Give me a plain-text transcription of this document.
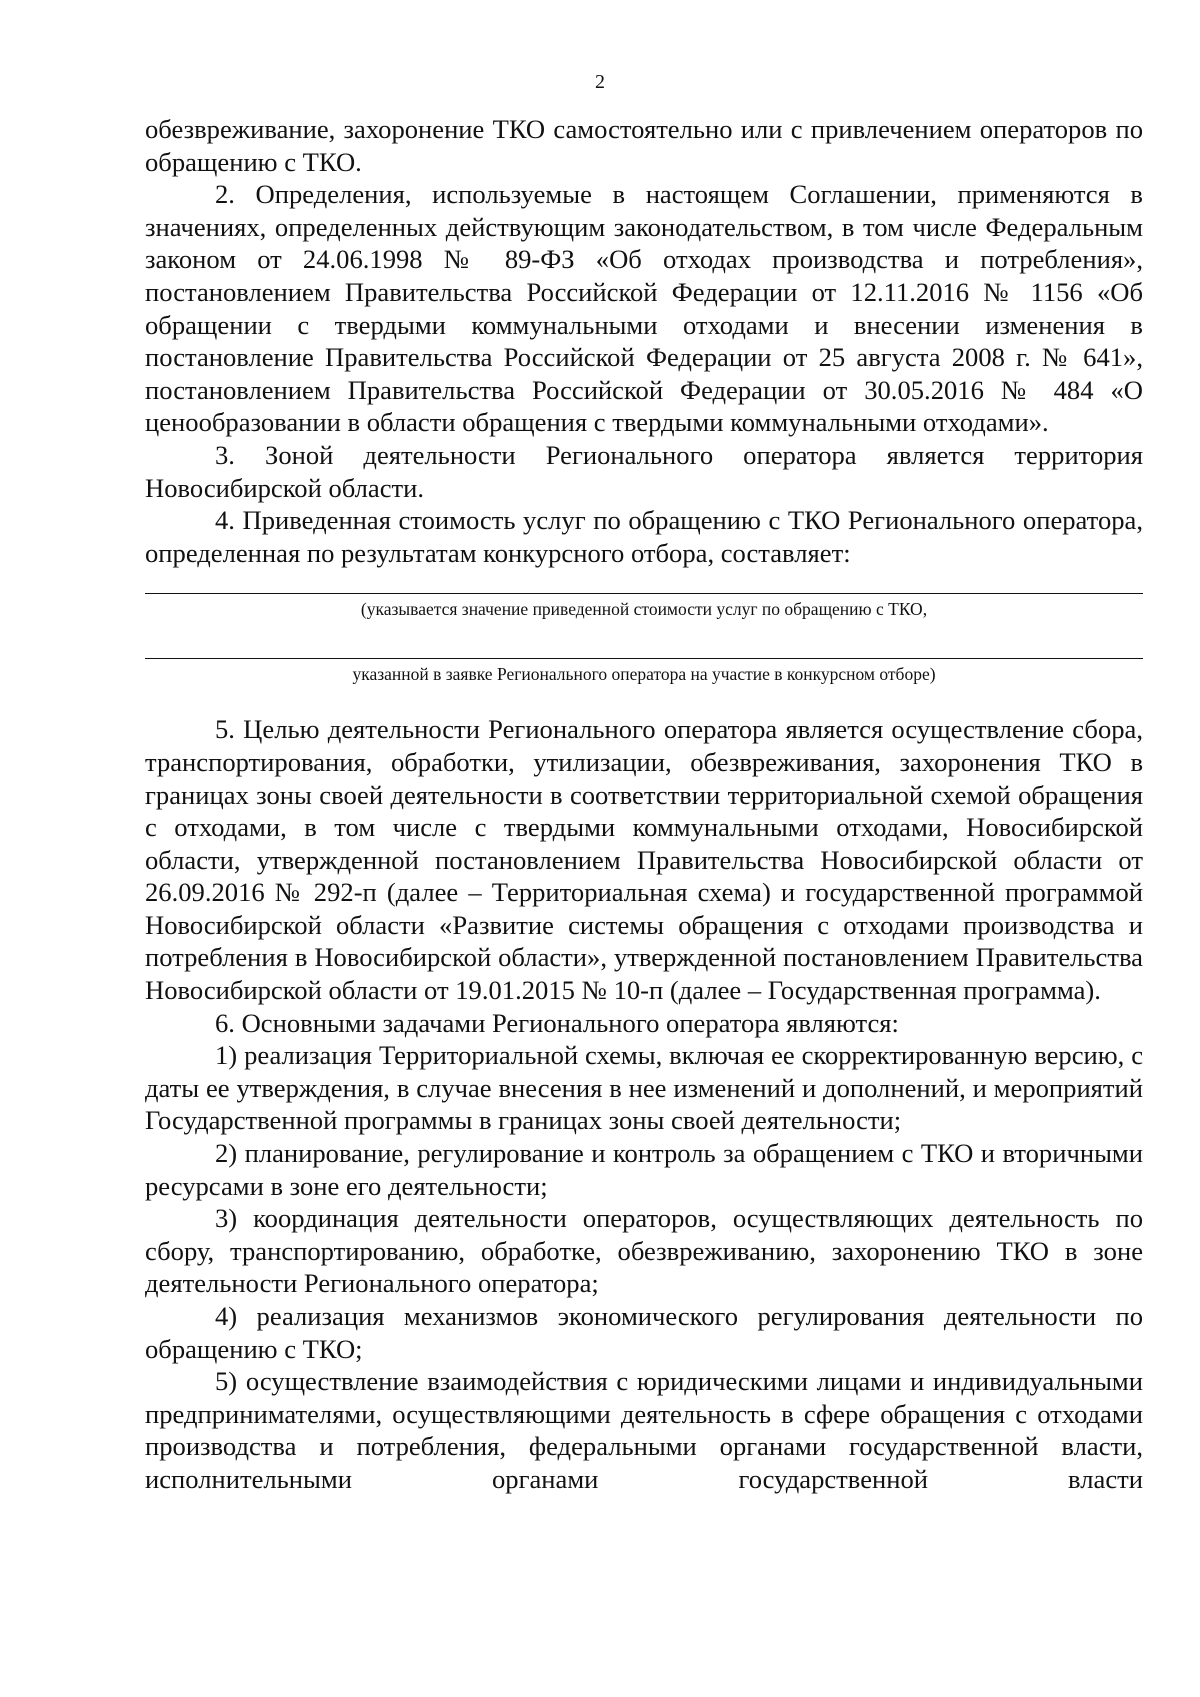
2

обезвреживание, захоронение ТКО самостоятельно или с привлечением операторов по обращению с ТКО.

2. Определения, используемые в настоящем Соглашении, применяются в значениях, определенных действующим законодательством, в том числе Федеральным законом от 24.06.1998 № 89-ФЗ «Об отходах производства и потребления», постановлением Правительства Российской Федерации от 12.11.2016 № 1156 «Об обращении с твердыми коммунальными отходами и внесении изменения в постановление Правительства Российской Федерации от 25 августа 2008 г. № 641», постановлением Правительства Российской Федерации от 30.05.2016 № 484 «О ценообразовании в области обращения с твердыми коммунальными отходами».

3. Зоной деятельности Регионального оператора является территория Новосибирской области.

4. Приведенная стоимость услуг по обращению с ТКО Регионального оператора, определенная по результатам конкурсного отбора, составляет:

(указывается значение приведенной стоимости услуг по обращению с ТКО,
указанной в заявке Регионального оператора на участие в конкурсном отборе)

5. Целью деятельности Регионального оператора является осуществление сбора, транспортирования, обработки, утилизации, обезвреживания, захоронения ТКО в границах зоны своей деятельности в соответствии территориальной схемой обращения с отходами, в том числе с твердыми коммунальными отходами, Новосибирской области, утвержденной постановлением Правительства Новосибирской области от 26.09.2016 № 292-п (далее – Территориальная схема) и государственной программой Новосибирской области «Развитие системы обращения с отходами производства и потребления в Новосибирской области», утвержденной постановлением Правительства Новосибирской области от 19.01.2015 № 10-п (далее – Государственная программа).

6. Основными задачами Регионального оператора являются:

1) реализация Территориальной схемы, включая ее скорректированную версию, с даты ее утверждения, в случае внесения в нее изменений и дополнений, и мероприятий Государственной программы в границах зоны своей деятельности;

2) планирование, регулирование и контроль за обращением с ТКО и вторичными ресурсами в зоне его деятельности;

3) координация деятельности операторов, осуществляющих деятельность по сбору, транспортированию, обработке, обезвреживанию, захоронению ТКО в зоне деятельности Регионального оператора;

4) реализация механизмов экономического регулирования деятельности по обращению с ТКО;

5) осуществление взаимодействия с юридическими лицами и индивидуальными предпринимателями, осуществляющими деятельность в сфере обращения с отходами производства и потребления, федеральными органами государственной власти, исполнительными органами государственной власти
